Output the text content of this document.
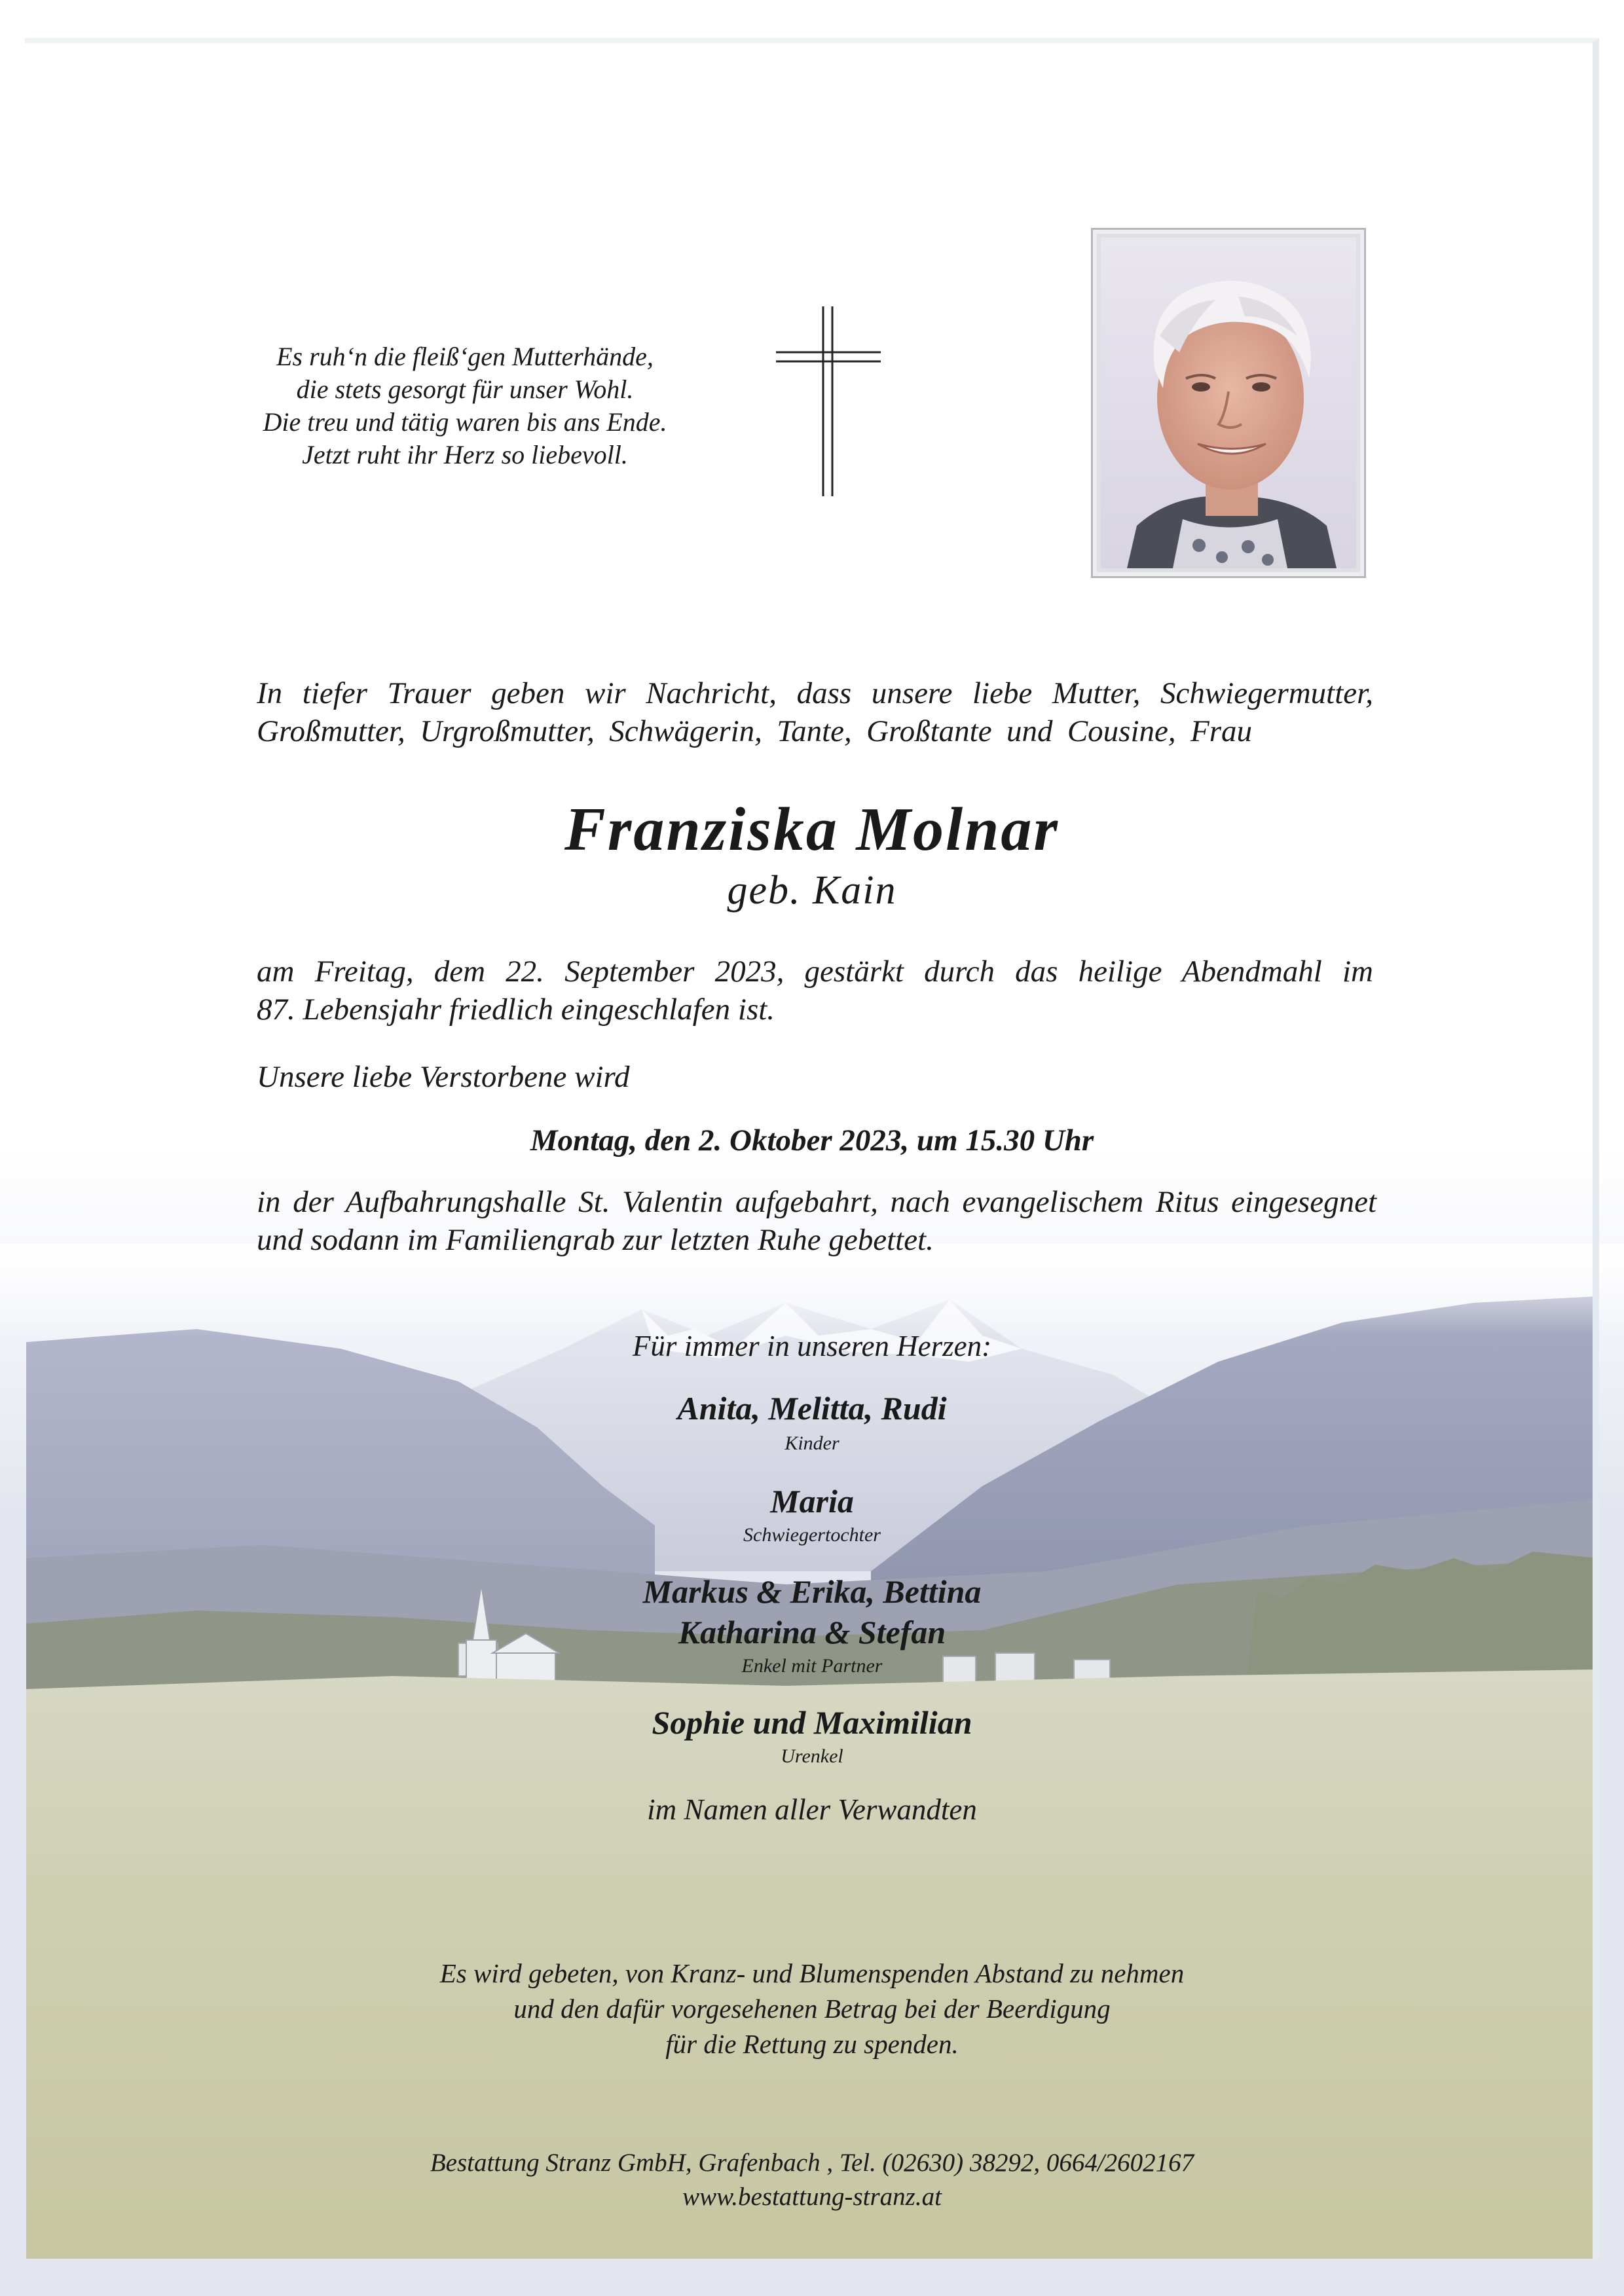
Es ruh‘n die fleiß‘gen Mutterhände,
die stets gesorgt für unser Wohl.
Die treu und tätig waren bis ans Ende.
Jetzt ruht ihr Herz so liebevoll.
In tiefer Trauer geben wir Nachricht, dass unsere liebe Mutter, Schwiegermutter,
Großmutter, Urgroßmutter, Schwägerin, Tante, Großtante und Cousine, Frau
Franziska Molnar
geb. Kain
am Freitag, dem 22. September 2023, gestärkt durch das heilige Abendmahl im
87. Lebensjahr friedlich eingeschlafen ist.
Unsere liebe Verstorbene wird
Montag, den 2. Oktober 2023, um 15.30 Uhr
in der Aufbahrungshalle St. Valentin aufgebahrt, nach evangelischem Ritus eingesegnet
und sodann im Familiengrab zur letzten Ruhe gebettet.
Für immer in unseren Herzen:
Anita, Melitta, Rudi
Kinder
Maria
Schwiegertochter
Markus & Erika, Bettina
Katharina & Stefan
Enkel mit Partner
Sophie und Maximilian
Urenkel
im Namen aller Verwandten
Es wird gebeten, von Kranz- und Blumenspenden Abstand zu nehmen
und den dafür vorgesehenen Betrag bei der Beerdigung
für die Rettung zu spenden.
Bestattung Stranz GmbH, Grafenbach , Tel. (02630) 38292, 0664/2602167
www.bestattung-stranz.at
